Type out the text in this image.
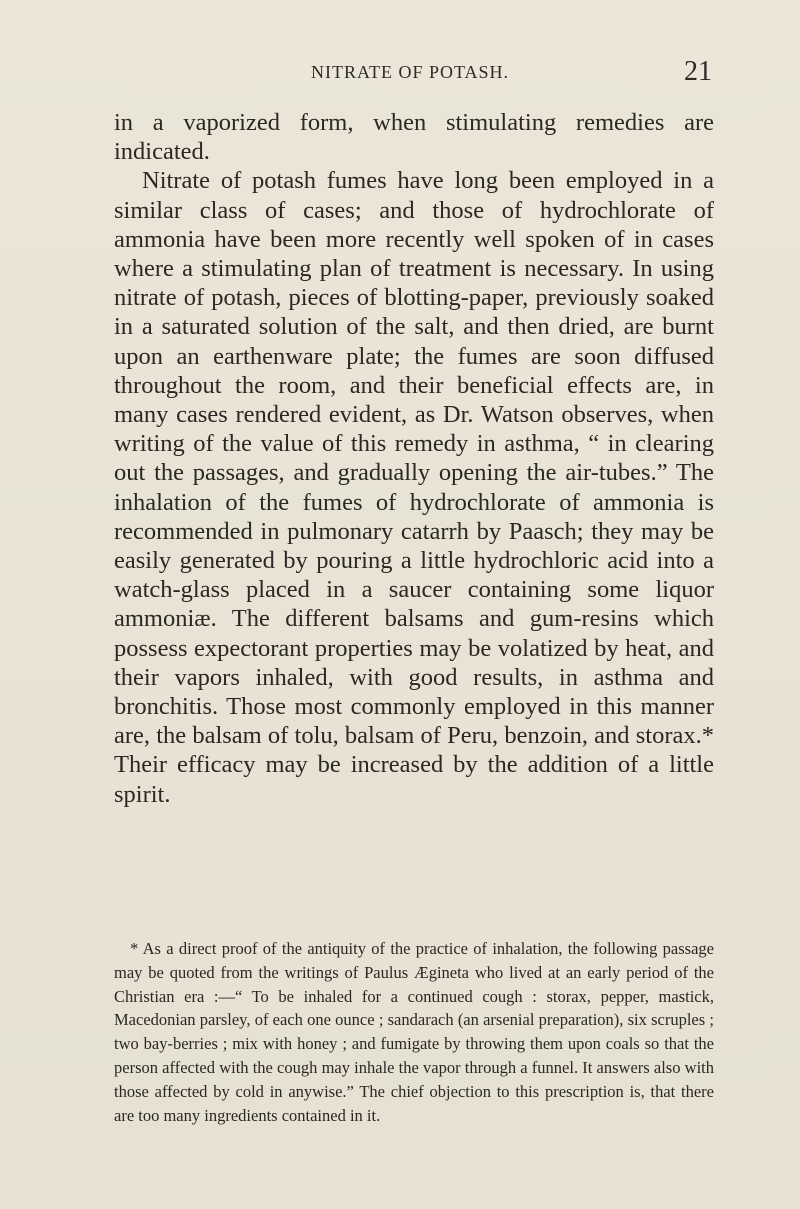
NITRATE OF POTASH.	21

in a vaporized form, when stimulating remedies are indicated.

Nitrate of potash fumes have long been employed in a similar class of cases; and those of hydrochlorate of ammonia have been more recently well spoken of in cases where a stimulating plan of treatment is necessary. In using nitrate of potash, pieces of blotting-paper, previously soaked in a saturated solution of the salt, and then dried, are burnt upon an earthenware plate; the fumes are soon diffused throughout the room, and their beneficial effects are, in many cases rendered evident, as Dr. Watson observes, when writing of the value of this remedy in asthma, “ in clearing out the passages, and gradually opening the air-tubes.” The inhalation of the fumes of hydrochlorate of ammonia is recommended in pulmonary catarrh by Paasch; they may be easily generated by pouring a little hydrochloric acid into a watch-glass placed in a saucer containing some liquor ammoniæ. The different balsams and gum-resins which possess expectorant properties may be volatized by heat, and their vapors inhaled, with good results, in asthma and bronchitis. Those most commonly employed in this manner are, the balsam of tolu, balsam of Peru, benzoin, and storax.* Their efficacy may be increased by the addition of a little spirit.

* As a direct proof of the antiquity of the practice of inhalation, the following passage may be quoted from the writings of Paulus Ægineta who lived at an early period of the Christian era :—“ To be inhaled for a continued cough : storax, pepper, mastick, Macedonian parsley, of each one ounce ; sandarach (an arsenial preparation), six scruples ; two bay-berries ; mix with honey ; and fumigate by throwing them upon coals so that the person affected with the cough may inhale the vapor through a funnel. It answers also with those affected by cold in anywise.” The chief objection to this prescription is, that there are too many ingredients contained in it.
